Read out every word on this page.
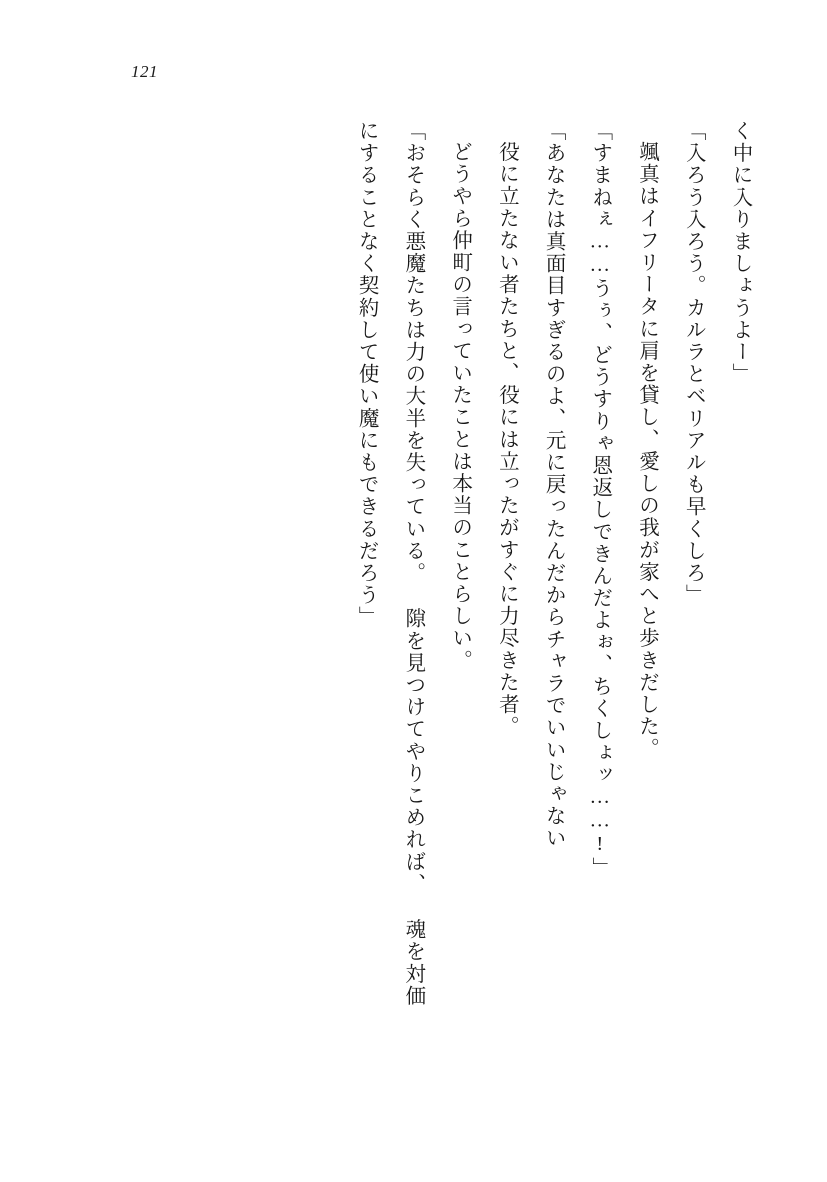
121

く中に入りましょうよー」

「入ろう入ろう。カルラとベリアルも早くしろ」

颯真はイフリータに肩を貸し、愛しの我が家へと歩きだした。

「すまねぇ……うぅ、どうすりゃ恩返しできんだよぉ、ちくしょッ……!」

「あなたは真面目すぎるのよ、元に戻ったんだからチャラでいいじゃない

役に立たない者たちと、役には立ったがすぐに力尽きた者。

どうやら仲町の言っていたことは本当のことらしい。

「おそらく悪魔たちは力の大半を失っている。 隙を見つけてやりこめれば、 魂を対価

にすることなく契約して使い魔にもできるだろう」
